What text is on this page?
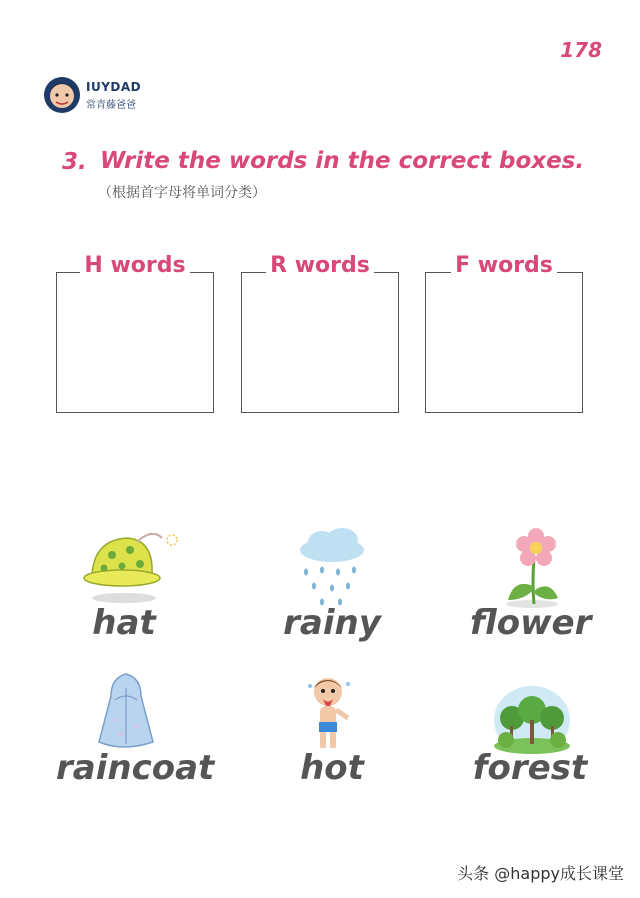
178
IUYDAD
常青藤爸爸
3. Write the words in the correct boxes.
（根据首字母将单词分类）
H words	R words	F words
hat	rainy	flower
raincoat	hot	forest
头条 @happy成长课堂
